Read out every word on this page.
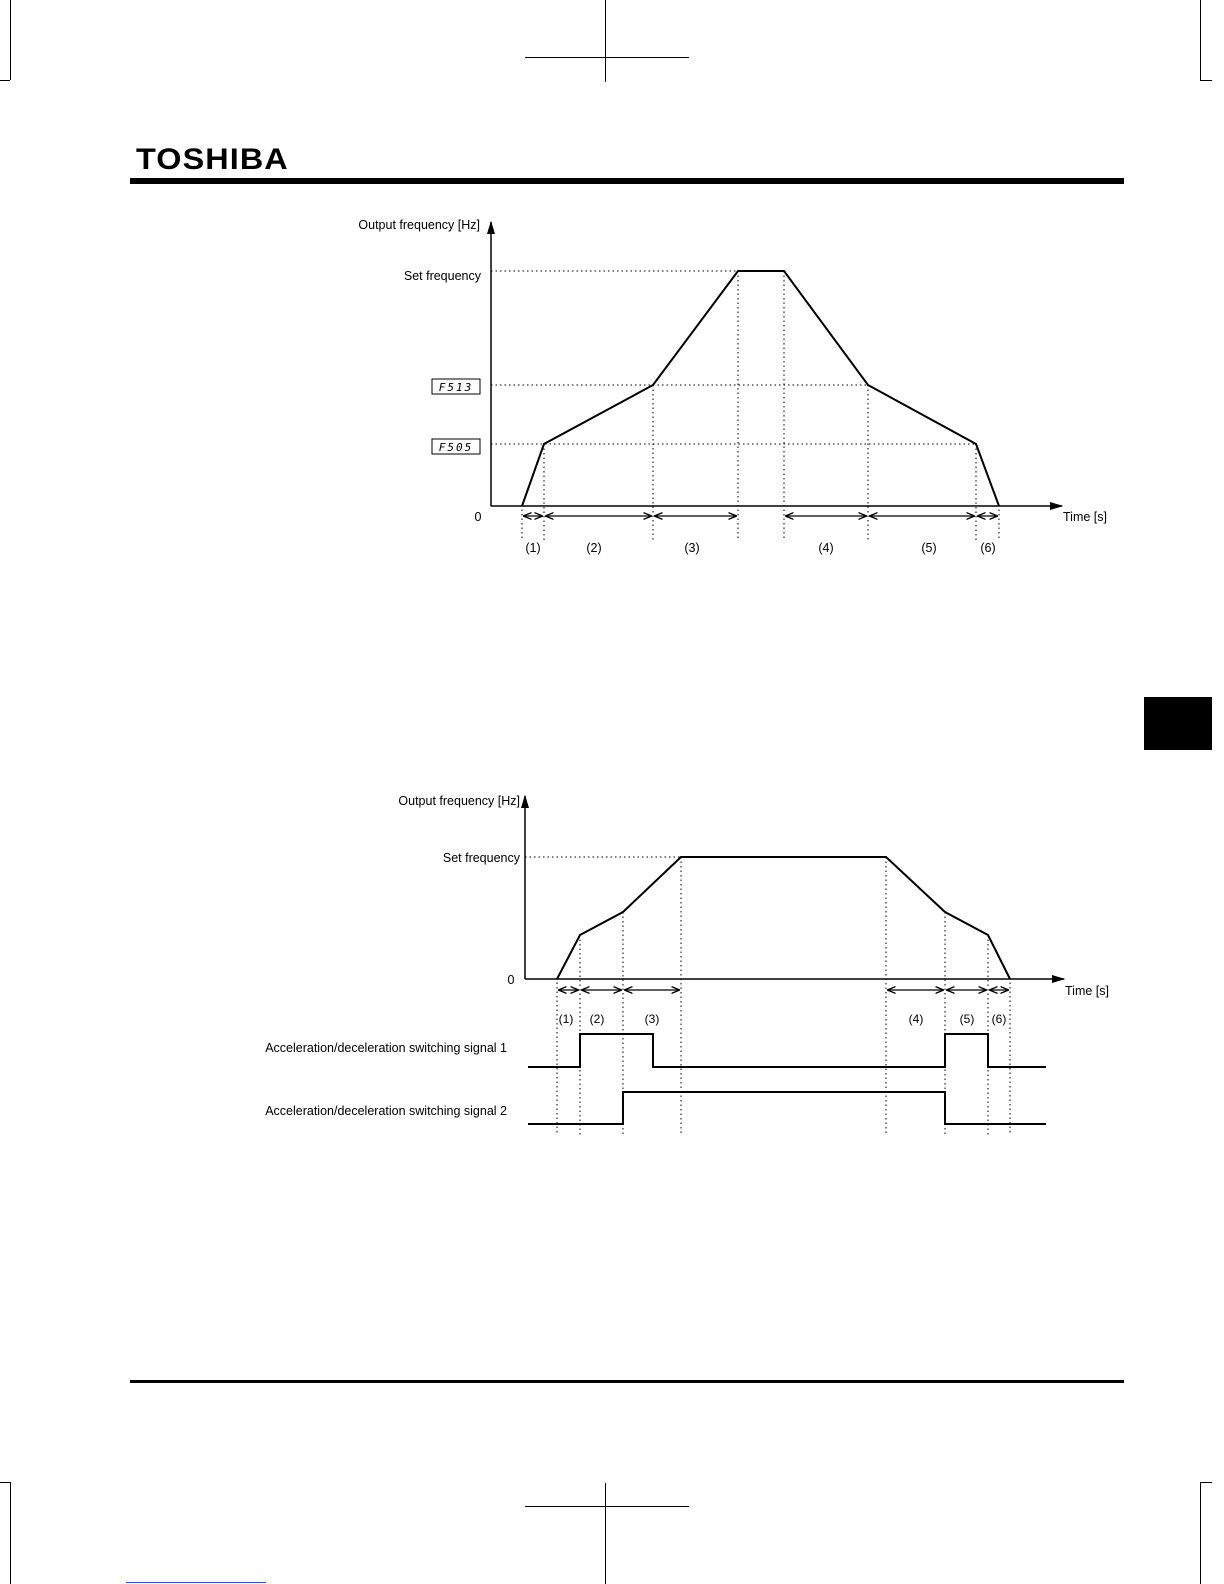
TOSHIBA
Output frequency [Hz]
Set frequency
F513
F505
0	Time [s]
(1)	(2)	(3)	(4)	(5)	(6)
Output frequency [Hz]
Set frequency
0
Time [s]
(1) (2)	(3)	(4)	(5) (6)
Acceleration/deceleration switching signal 1
Acceleration/deceleration switching signal 2
